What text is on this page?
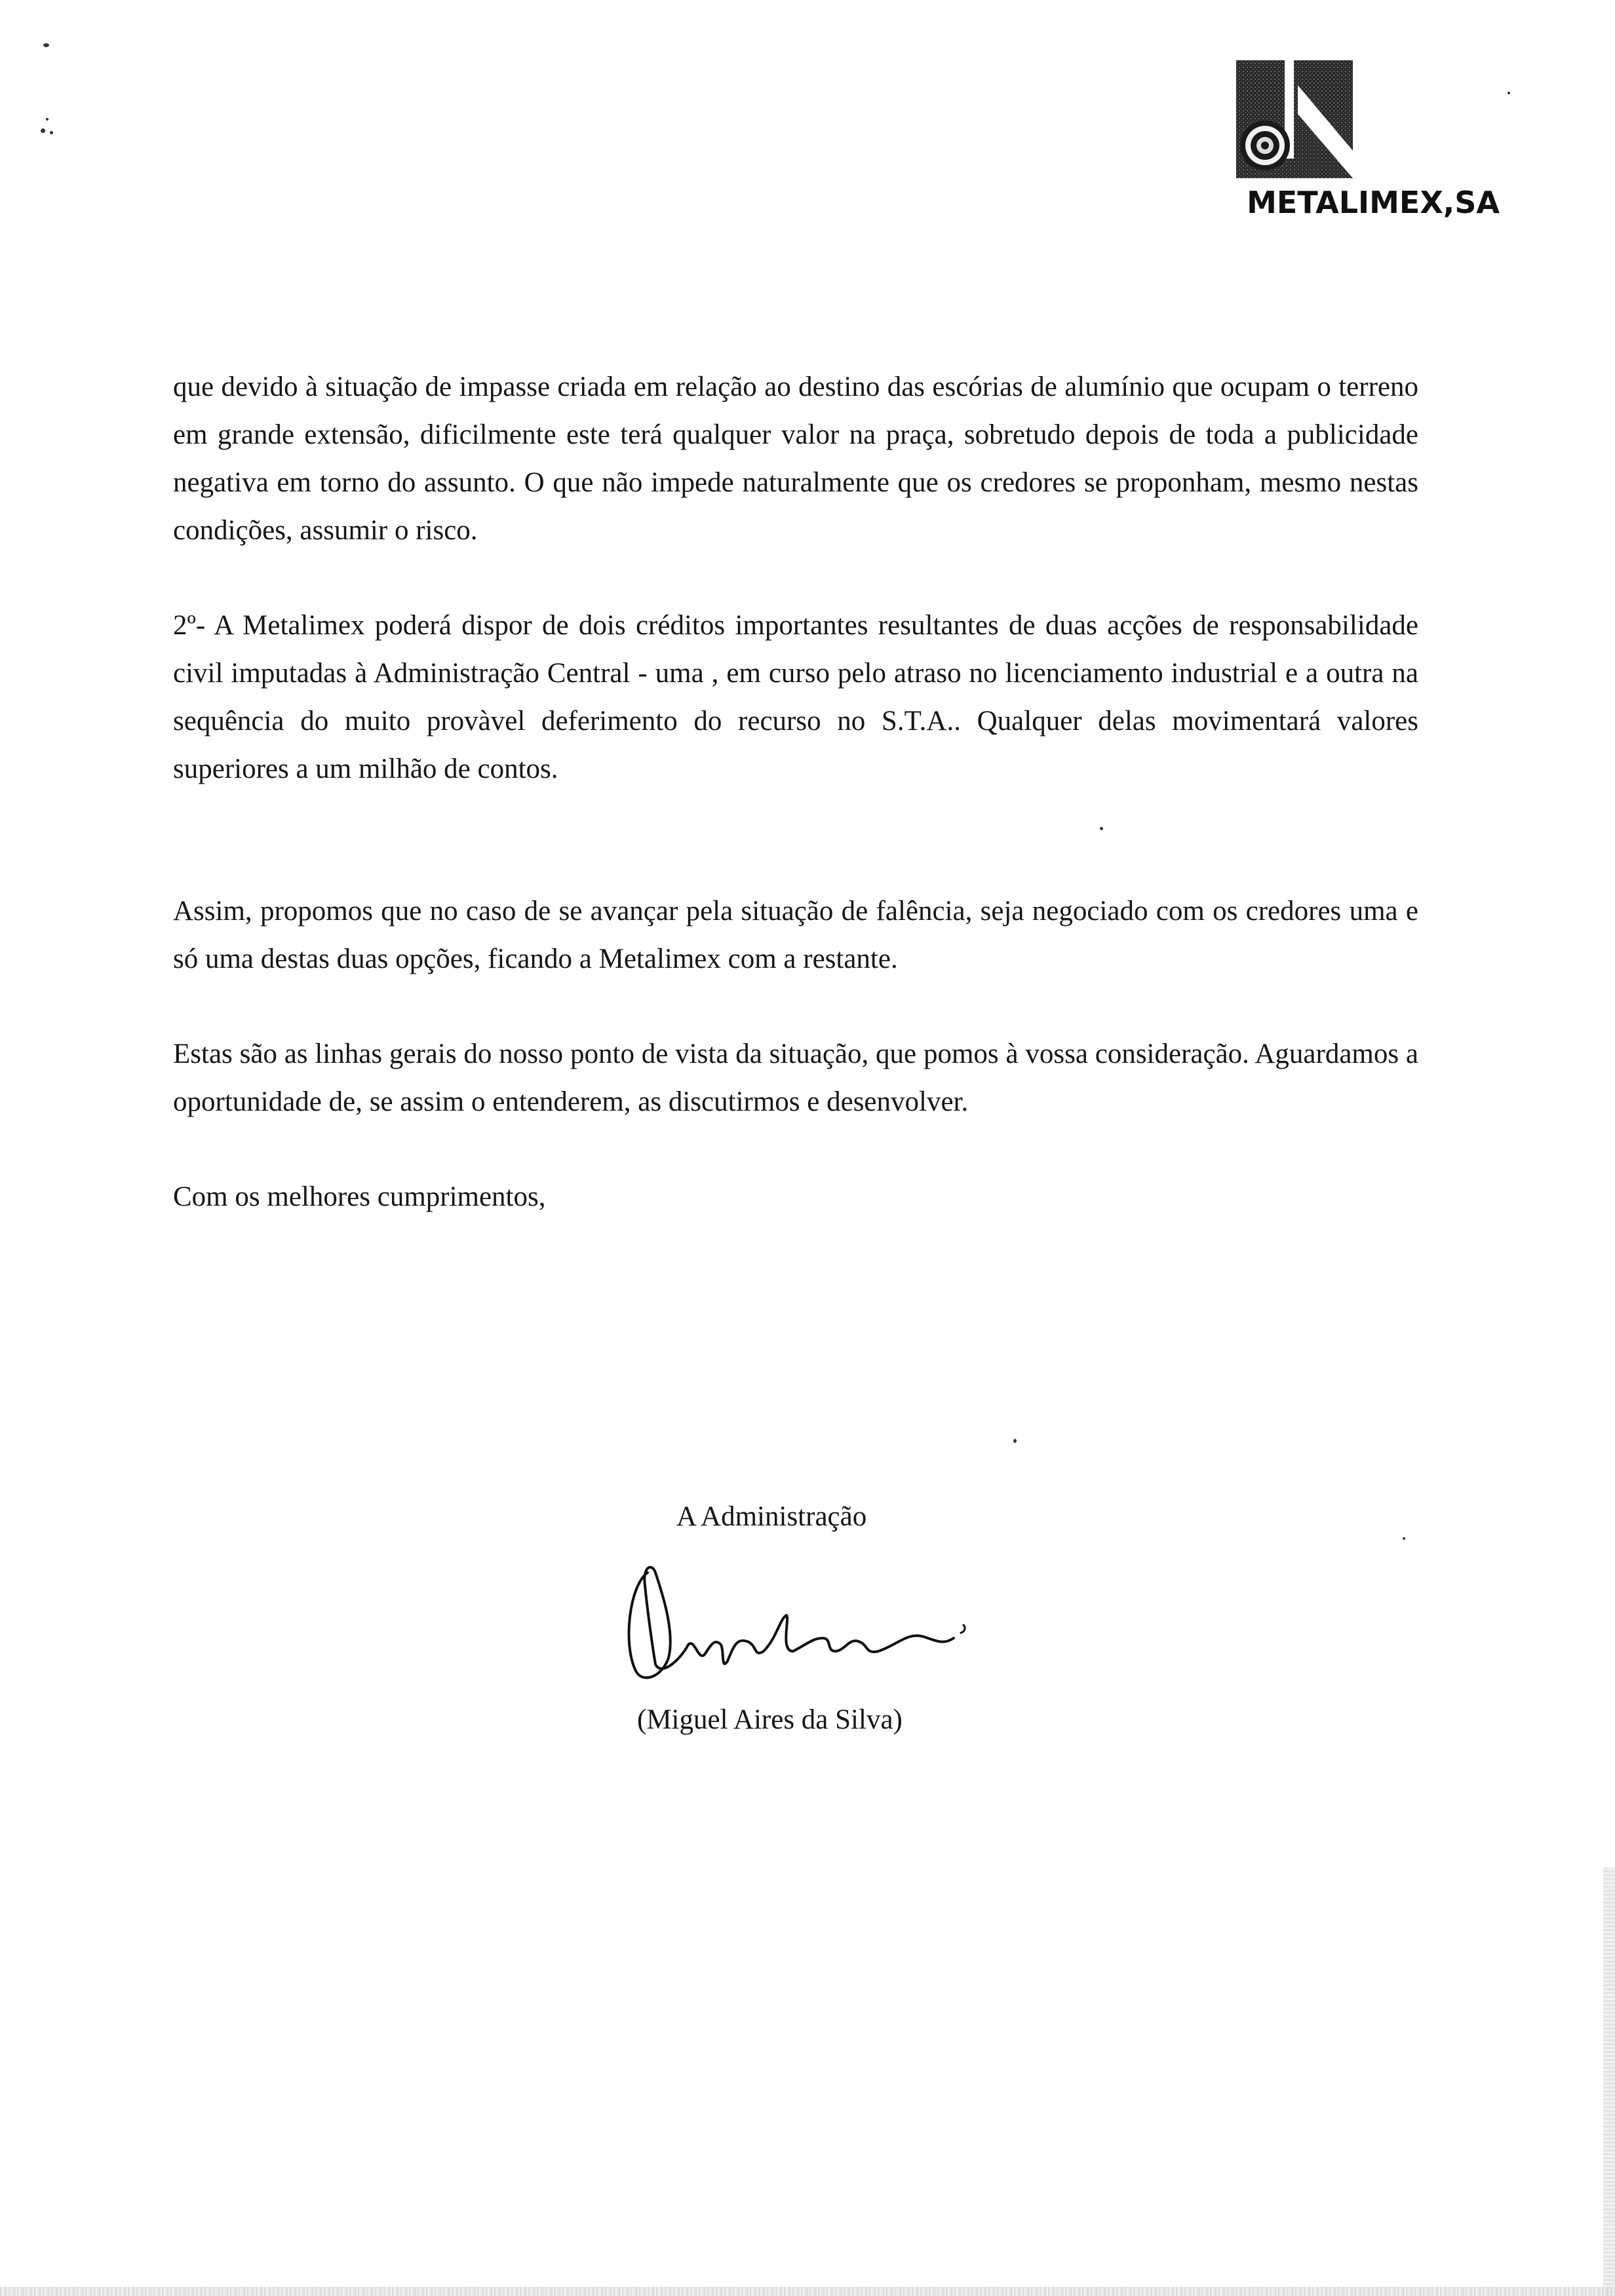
METALIMEX,SA

que devido à situação de impasse criada em relação ao destino das escórias de alumínio que ocupam o terreno em grande extensão, dificilmente este terá qualquer valor na praça, sobretudo depois de toda a publicidade negativa em torno do assunto. O que não impede naturalmente que os credores se proponham, mesmo nestas condições, assumir o risco.

2º- A Metalimex poderá dispor de dois créditos importantes resultantes de duas acções de responsabilidade civil imputadas à Administração Central - uma , em curso pelo atraso no licenciamento industrial e a outra na sequência do muito provàvel deferimento do recurso no S.T.A.. Qualquer delas movimentará valores superiores a um milhão de contos.

Assim, propomos que no caso de se avançar pela situação de falência, seja negociado com os credores uma e só uma destas duas opções, ficando a Metalimex com a restante.

Estas são as linhas gerais do nosso ponto de vista da situação, que pomos à vossa consideração. Aguardamos a oportunidade de, se assim o entenderem, as discutirmos e desenvolver.

Com os melhores cumprimentos,

A Administração
(Miguel Aires da Silva)
